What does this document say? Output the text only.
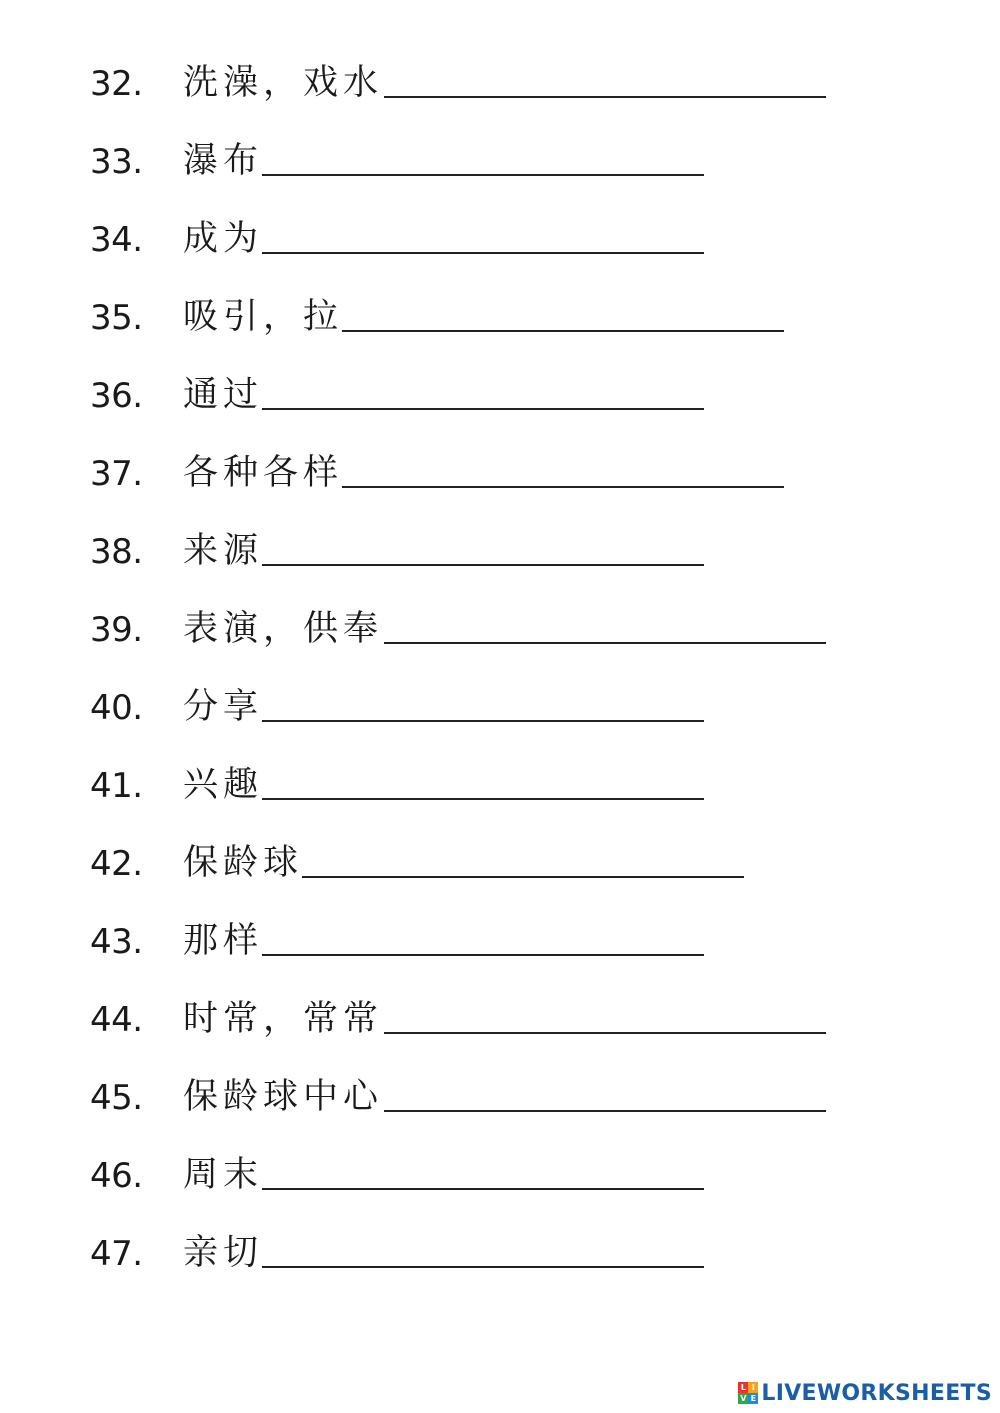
32. 洗澡，戏水
33. 瀑布
34. 成为
35. 吸引，拉
36. 通过
37. 各种各样
38. 来源
39. 表演，供奉
40. 分享
41. 兴趣
42. 保龄球
43. 那样
44. 时常，常常
45. 保龄球中心
46. 周末
47. 亲切
L I
V E LIVEWORKSHEETS
